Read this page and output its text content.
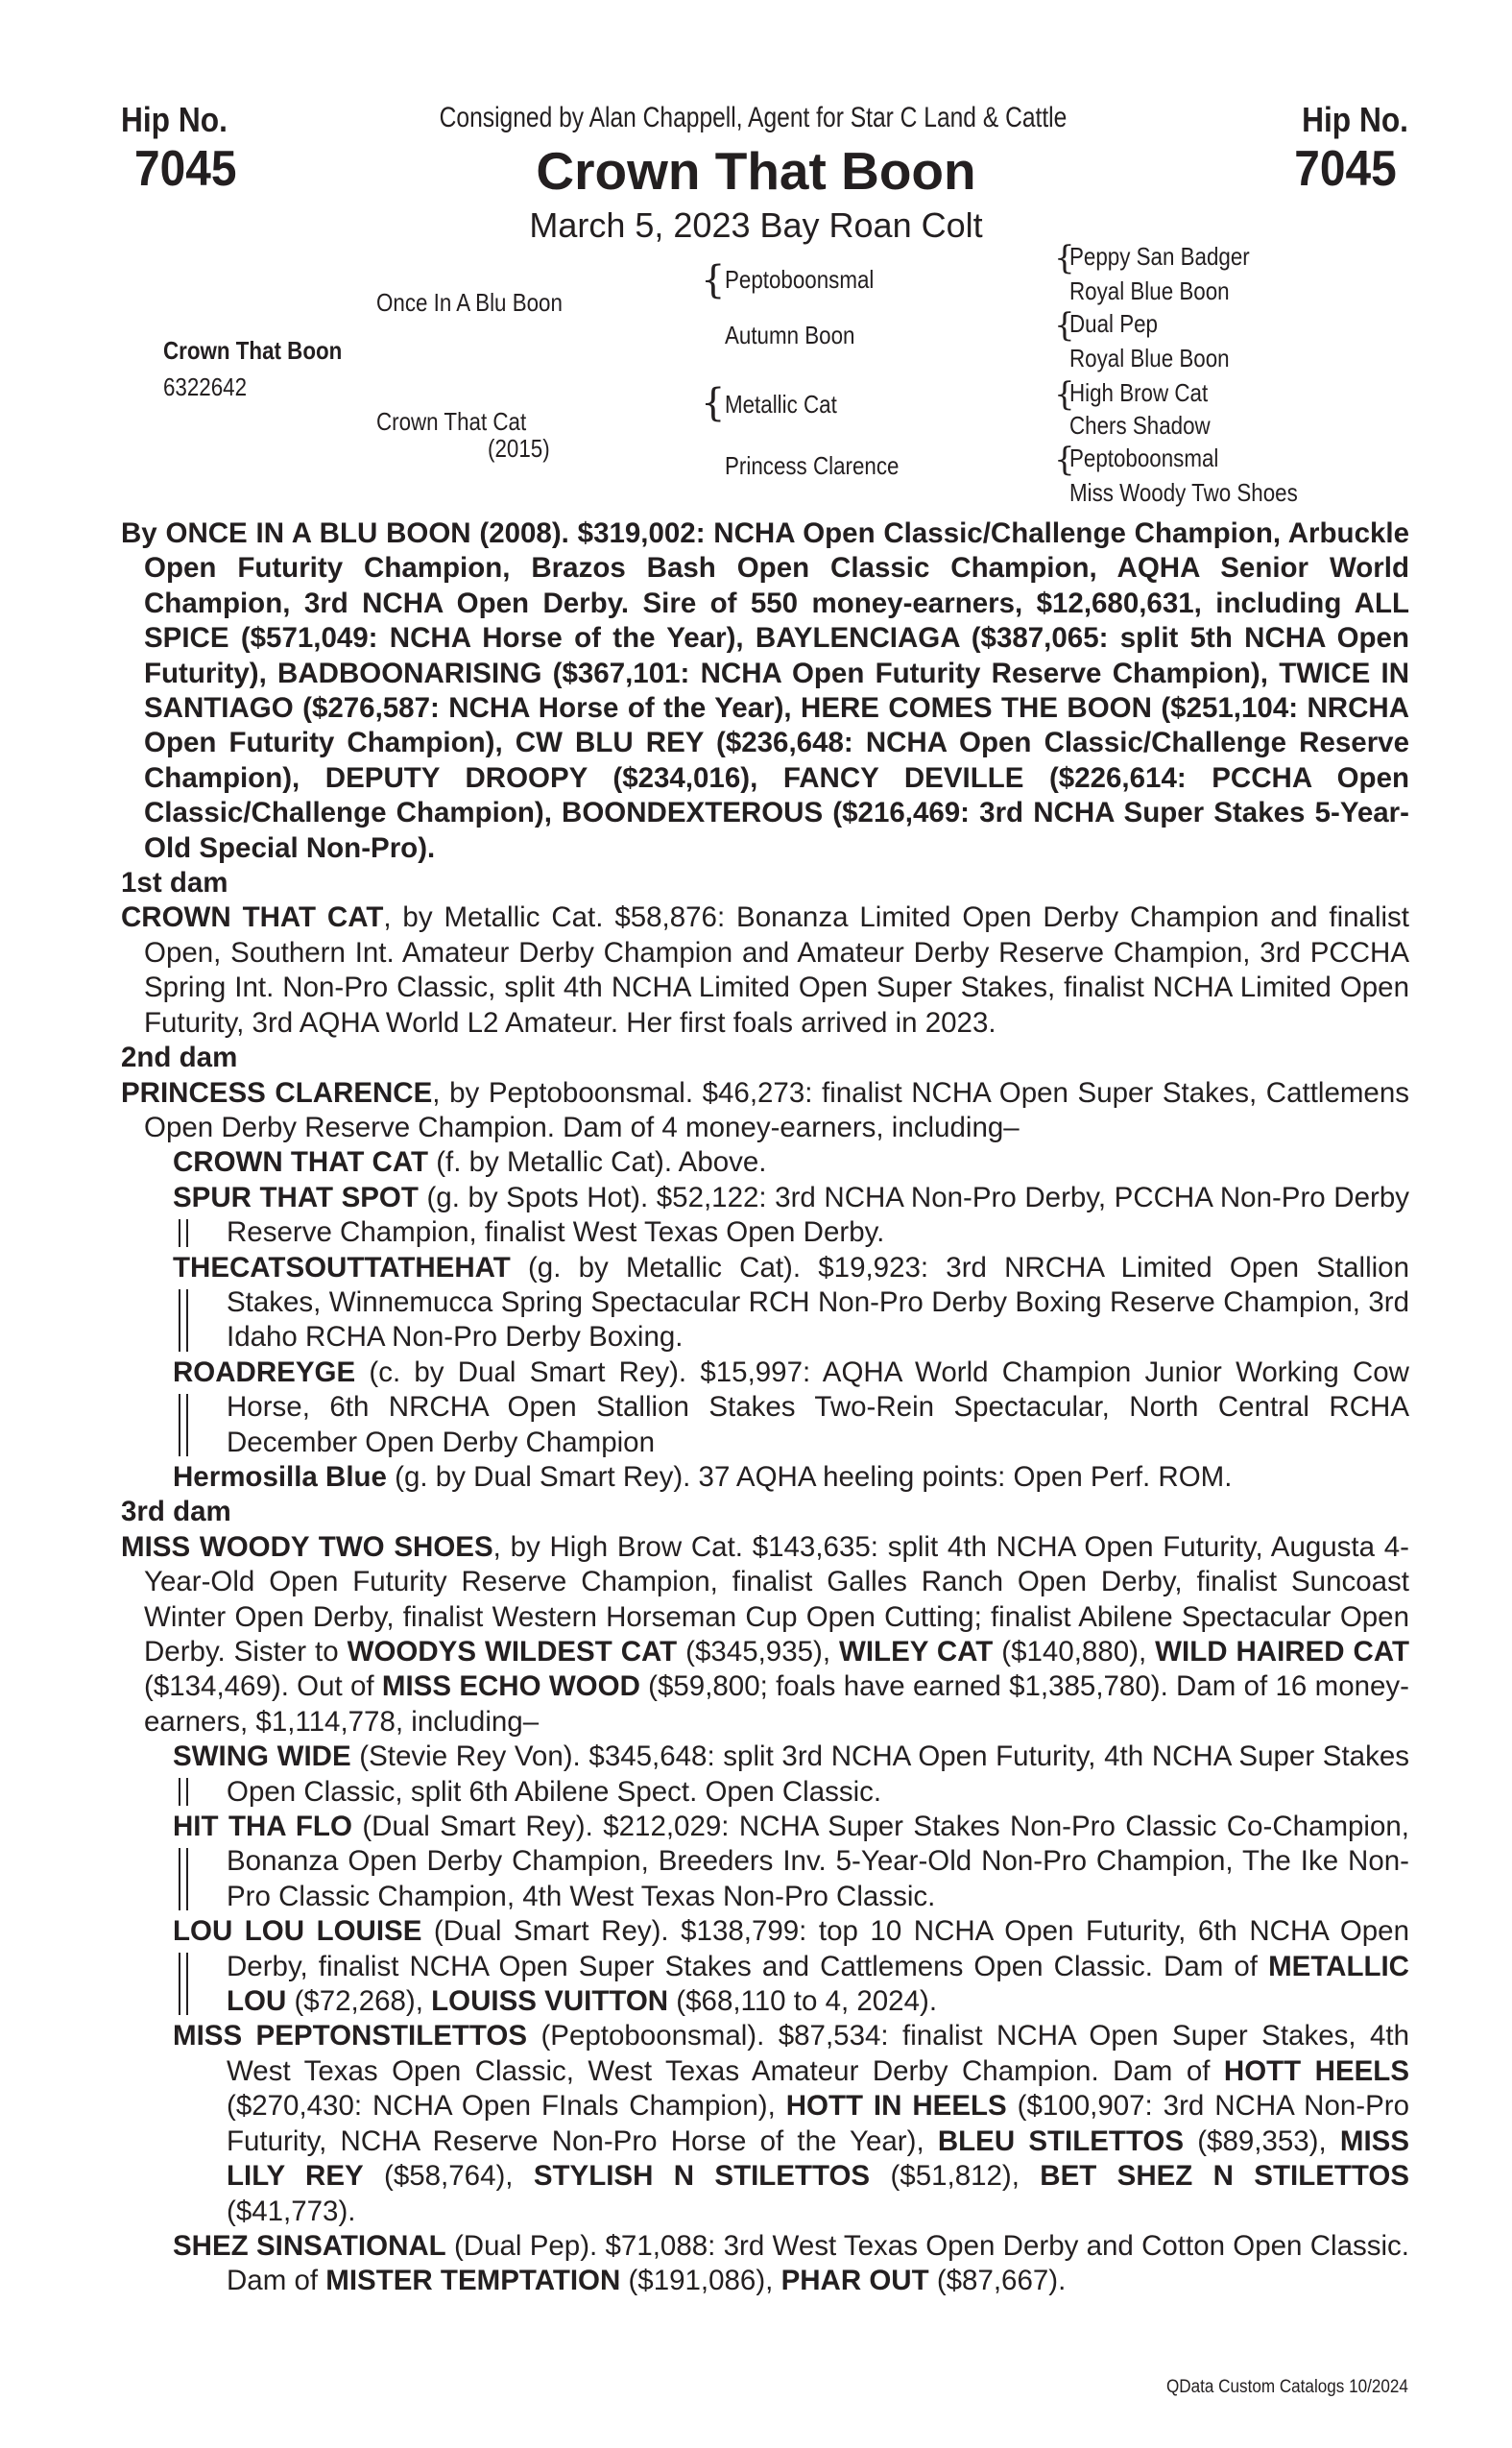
Hip No.
7045
Hip No.
7045
Consigned by Alan Chappell, Agent for Star C Land & Cattle
Crown That Boon
March 5, 2023 Bay Roan Colt
Crown That Boon
6322642
Once In A Blu Boon
Crown That Cat
(2015)
{ Peptoboonsmal
Autumn Boon
{ Metallic Cat
Princess Clarence
{
Peppy San Badger
Royal Blue Boon
{
Dual Pep
Royal Blue Boon
{
High Brow Cat
Chers Shadow
{
Peptoboonsmal
Miss Woody Two Shoes

By ONCE IN A BLU BOON (2008). $319,002: NCHA Open Classic/Challenge Champion, Arbuckle Open Futurity Champion, Brazos Bash Open Classic Champion, AQHA Senior World Champion, 3rd NCHA Open Derby. Sire of 550 money-earners, $12,680,631, including ALL SPICE ($571,049: NCHA Horse of the Year), BAYLENCIAGA ($387,065: split 5th NCHA Open Futurity), BADBOONARISING ($367,101: NCHA Open Futurity Reserve Champion), TWICE IN SANTIAGO ($276,587: NCHA Horse of the Year), HERE COMES THE BOON ($251,104: NRCHA Open Futurity Champion), CW BLU REY ($236,648: NCHA Open Classic/Challenge Reserve Champion), DEPUTY DROOPY ($234,016), FANCY DEVILLE ($226,614: PCCHA Open Classic/Challenge Champion), BOONDEXTEROUS ($216,469: 3rd NCHA Super Stakes 5-Year-Old Special Non-Pro).

1st dam

CROWN THAT CAT, by Metallic Cat. $58,876: Bonanza Limited Open Derby Champion and finalist Open, Southern Int. Amateur Derby Champion and Amateur Derby Reserve Champion, 3rd PCCHA Spring Int. Non-Pro Classic, split 4th NCHA Limited Open Super Stakes, finalist NCHA Limited Open Futurity, 3rd AQHA World L2 Amateur. Her first foals arrived in 2023.

2nd dam

PRINCESS CLARENCE, by Peptoboonsmal. $46,273: finalist NCHA Open Super Stakes, Cattlemens Open Derby Reserve Champion. Dam of 4 money-earners, including–

CROWN THAT CAT (f. by Metallic Cat). Above.

SPUR THAT SPOT (g. by Spots Hot). $52,122: 3rd NCHA Non-Pro Derby, PCCHA Non-Pro Derby Reserve Champion, finalist West Texas Open Derby.

THECATSOUTTATHEHAT (g. by Metallic Cat). $19,923: 3rd NRCHA Limited Open Stallion Stakes, Winnemucca Spring Spectacular RCH Non-Pro Derby Boxing Reserve Champion, 3rd Idaho RCHA Non-Pro Derby Boxing.

ROADREYGE (c. by Dual Smart Rey). $15,997: AQHA World Champion Junior Working Cow Horse, 6th NRCHA Open Stallion Stakes Two-Rein Spectacular, North Central RCHA December Open Derby Champion

Hermosilla Blue (g. by Dual Smart Rey). 37 AQHA heeling points: Open Perf. ROM.

3rd dam

MISS WOODY TWO SHOES, by High Brow Cat. $143,635: split 4th NCHA Open Futurity, Augusta 4-Year-Old Open Futurity Reserve Champion, finalist Galles Ranch Open Derby, finalist Suncoast Winter Open Derby, finalist Western Horseman Cup Open Cutting; finalist Abilene Spectacular Open Derby. Sister to WOODYS WILDEST CAT ($345,935), WILEY CAT ($140,880), WILD HAIRED CAT ($134,469). Out of MISS ECHO WOOD ($59,800; foals have earned $1,385,780). Dam of 16 money-earners, $1,114,778, including–

SWING WIDE (Stevie Rey Von). $345,648: split 3rd NCHA Open Futurity, 4th NCHA Super Stakes Open Classic, split 6th Abilene Spect. Open Classic.

HIT THA FLO (Dual Smart Rey). $212,029: NCHA Super Stakes Non-Pro Classic Co-Champion, Bonanza Open Derby Champion, Breeders Inv. 5-Year-Old Non-Pro Champion, The Ike Non-Pro Classic Champion, 4th West Texas Non-Pro Classic.

LOU LOU LOUISE (Dual Smart Rey). $138,799: top 10 NCHA Open Futurity, 6th NCHA Open Derby, finalist NCHA Open Super Stakes and Cattlemens Open Classic. Dam of METALLIC LOU ($72,268), LOUISS VUITTON ($68,110 to 4, 2024).

MISS PEPTONSTILETTOS (Peptoboonsmal). $87,534: finalist NCHA Open Super Stakes, 4th West Texas Open Classic, West Texas Amateur Derby Champion. Dam of HOTT HEELS ($270,430: NCHA Open FInals Champion), HOTT IN HEELS ($100,907: 3rd NCHA Non-Pro Futurity, NCHA Reserve Non-Pro Horse of the Year), BLEU STILETTOS ($89,353), MISS LILY REY ($58,764), STYLISH N STILETTOS ($51,812), BET SHEZ N STILETTOS ($41,773).

SHEZ SINSATIONAL (Dual Pep). $71,088: 3rd West Texas Open Derby and Cotton Open Classic. Dam of MISTER TEMPTATION ($191,086), PHAR OUT ($87,667).

QData Custom Catalogs 10/2024
